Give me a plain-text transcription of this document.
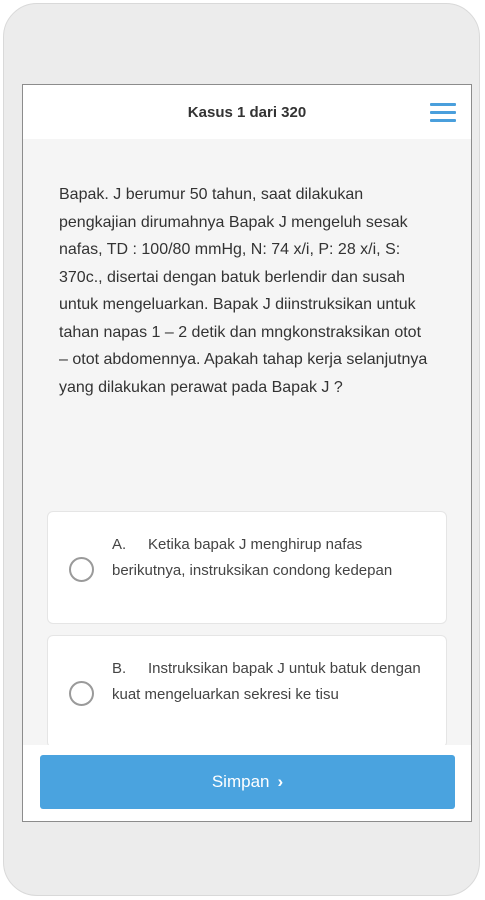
Kasus 1 dari 320
Bapak. J berumur 50 tahun, saat dilakukan pengkajian dirumahnya Bapak J mengeluh sesak nafas, TD : 100/80 mmHg, N: 74 x/i, P: 28 x/i, S: 370c., disertai dengan batuk berlendir dan susah untuk mengeluarkan. Bapak J diinstruksikan untuk tahan napas 1 – 2 detik dan mngkonstraksikan otot – otot abdomennya. Apakah tahap kerja selanjutnya yang dilakukan perawat pada Bapak J ?
A. Ketika bapak J menghirup nafas berikutnya, instruksikan condong kedepan
B. Instruksikan bapak J untuk batuk dengan kuat mengeluarkan sekresi ke tisu
Simpan ›
